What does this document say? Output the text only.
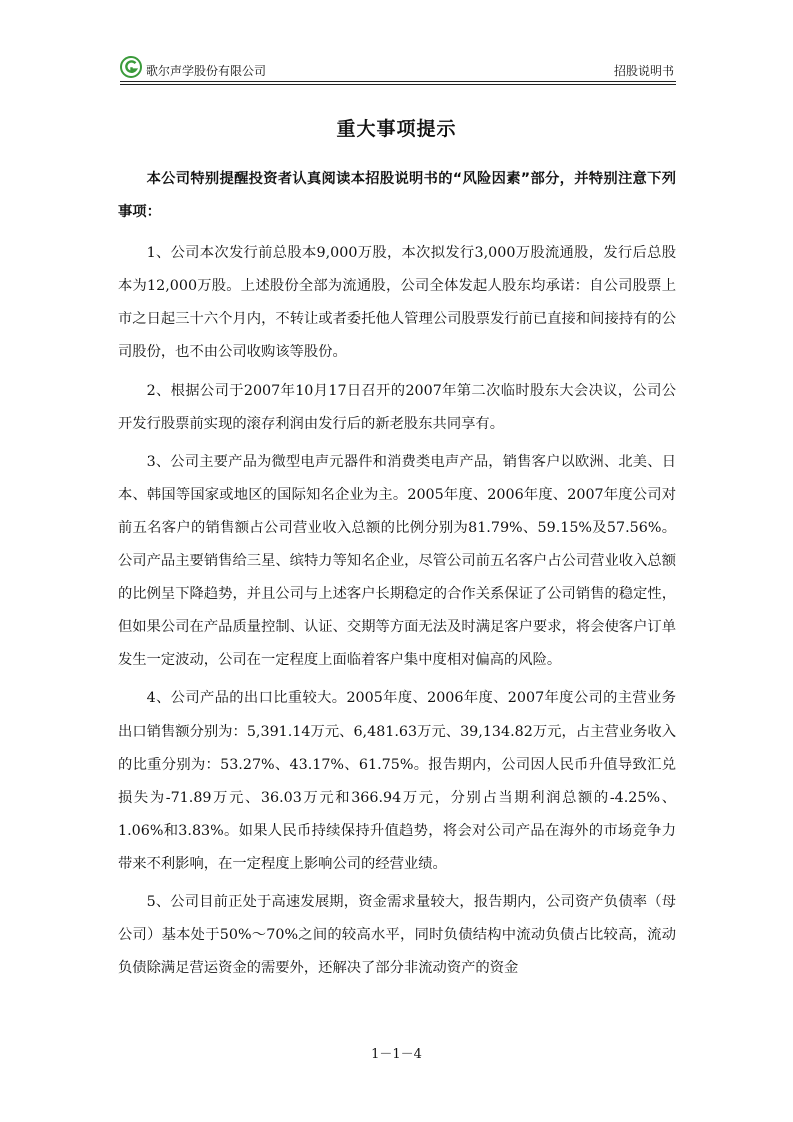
歌尔声学股份有限公司	招股说明书
重大事项提示

本公司特别提醒投资者认真阅读本招股说明书的“风险因素”部分，并特别注意下列事项：

1、公司本次发行前总股本9,000万股，本次拟发行3,000万股流通股，发行后总股本为12,000万股。上述股份全部为流通股，公司全体发起人股东均承诺：自公司股票上市之日起三十六个月内，不转让或者委托他人管理公司股票发行前已直接和间接持有的公司股份，也不由公司收购该等股份。

2、根据公司于2007年10月17日召开的2007年第二次临时股东大会决议，公司公开发行股票前实现的滚存利润由发行后的新老股东共同享有。

3、公司主要产品为微型电声元器件和消费类电声产品，销售客户以欧洲、北美、日本、韩国等国家或地区的国际知名企业为主。2005年度、2006年度、2007年度公司对前五名客户的销售额占公司营业收入总额的比例分别为81.79%、59.15%及57.56%。公司产品主要销售给三星、缤特力等知名企业，尽管公司前五名客户占公司营业收入总额的比例呈下降趋势，并且公司与上述客户长期稳定的合作关系保证了公司销售的稳定性，但如果公司在产品质量控制、认证、交期等方面无法及时满足客户要求，将会使客户订单发生一定波动，公司在一定程度上面临着客户集中度相对偏高的风险。

4、公司产品的出口比重较大。2005年度、2006年度、2007年度公司的主营业务出口销售额分别为：5,391.14万元、6,481.63万元、39,134.82万元，占主营业务收入的比重分别为：53.27%、43.17%、61.75%。报告期内，公司因人民币升值导致汇兑损失为-71.89万元、36.03万元和366.94万元，分别占当期利润总额的-4.25%、1.06%和3.83%。如果人民币持续保持升值趋势，将会对公司产品在海外的市场竞争力带来不利影响，在一定程度上影响公司的经营业绩。

5、公司目前正处于高速发展期，资金需求量较大，报告期内，公司资产负债率（母公司）基本处于50%～70%之间的较高水平，同时负债结构中流动负债占比较高，流动负债除满足营运资金的需要外，还解决了部分非流动资产的资金

1－1－4
